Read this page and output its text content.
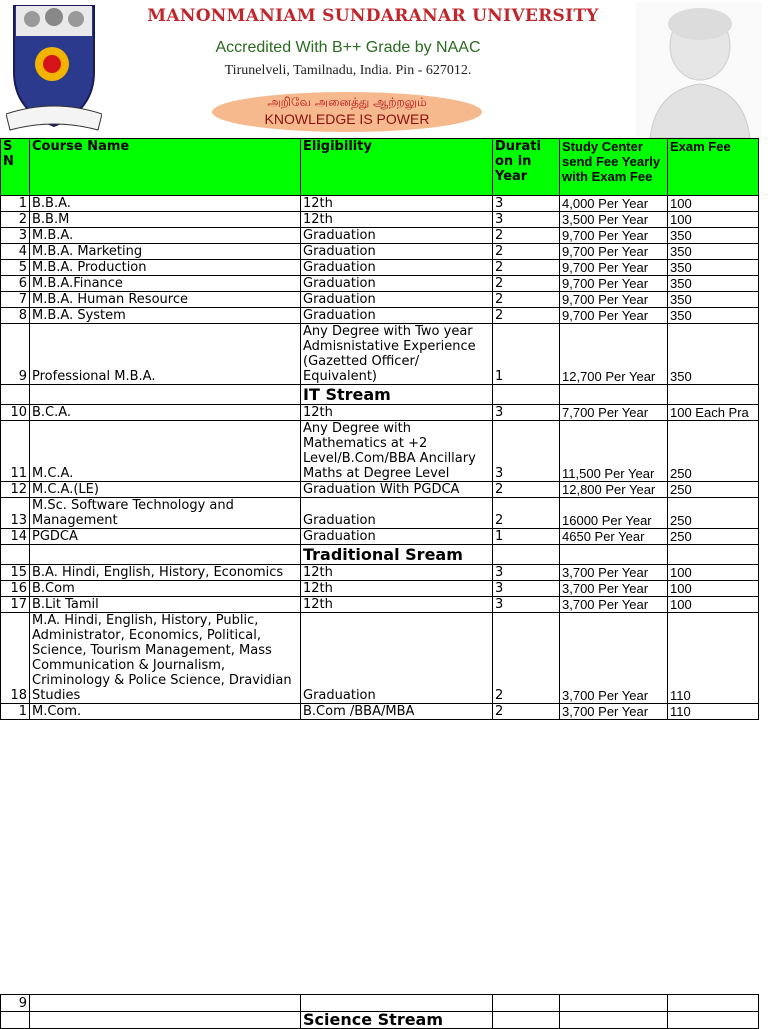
MANONMANIAM SUNDARANAR UNIVERSITY
Accredited With B++ Grade by NAAC
Tirunelveli, Tamilnadu, India. Pin - 627012.
அறிவே அனைத்து ஆற்றலும்
KNOWLEDGE IS POWER
S N	Course Name	Eligibility	Durati on in Year	Study Center send Fee Yearly with Exam Fee	Exam Fee
1	B.B.A.	12th	3	4,000 Per Year	100
2	B.B.M	12th	3	3,500 Per Year	100
3	M.B.A.	Graduation	2	9,700 Per Year	350
4	M.B.A. Marketing	Graduation	2	9,700 Per Year	350
5	M.B.A. Production	Graduation	2	9,700 Per Year	350
6	M.B.A.Finance	Graduation	2	9,700 Per Year	350
7	M.B.A. Human Resource	Graduation	2	9,700 Per Year	350
8	M.B.A. System	Graduation	2	9,700 Per Year	350
9	Professional M.B.A.	Any Degree with Two year Admisnistative Experience (Gazetted Officer/ Equivalent)	1	12,700 Per Year	350
		IT Stream			
10	B.C.A.	12th	3	7,700 Per Year	100 Each Pra
11	M.C.A.	Any Degree with Mathematics at +2 Level/B.Com/BBA Ancillary Maths at Degree Level	3	11,500 Per Year	250
12	M.C.A.(LE)	Graduation With PGDCA	2	12,800 Per Year	250
13	M.Sc. Software Technology and Management	Graduation	2	16000 Per Year	250
14	PGDCA	Graduation	1	4650 Per Year	250
		Traditional Sream			
15	B.A. Hindi, English, History, Economics	12th	3	3,700 Per Year	100
16	B.Com	12th	3	3,700 Per Year	100
17	B.Lit Tamil	12th	3	3,700 Per Year	100
18	M.A. Hindi, English, History, Public, Administrator, Economics, Political, Science, Tourism Management, Mass Communication & Journalism, Criminology & Police Science, Dravidian Studies	Graduation	2	3,700 Per Year	110
1	M.Com.	B.Com /BBA/MBA	2	3,700 Per Year	110
9					
		Science Stream			
